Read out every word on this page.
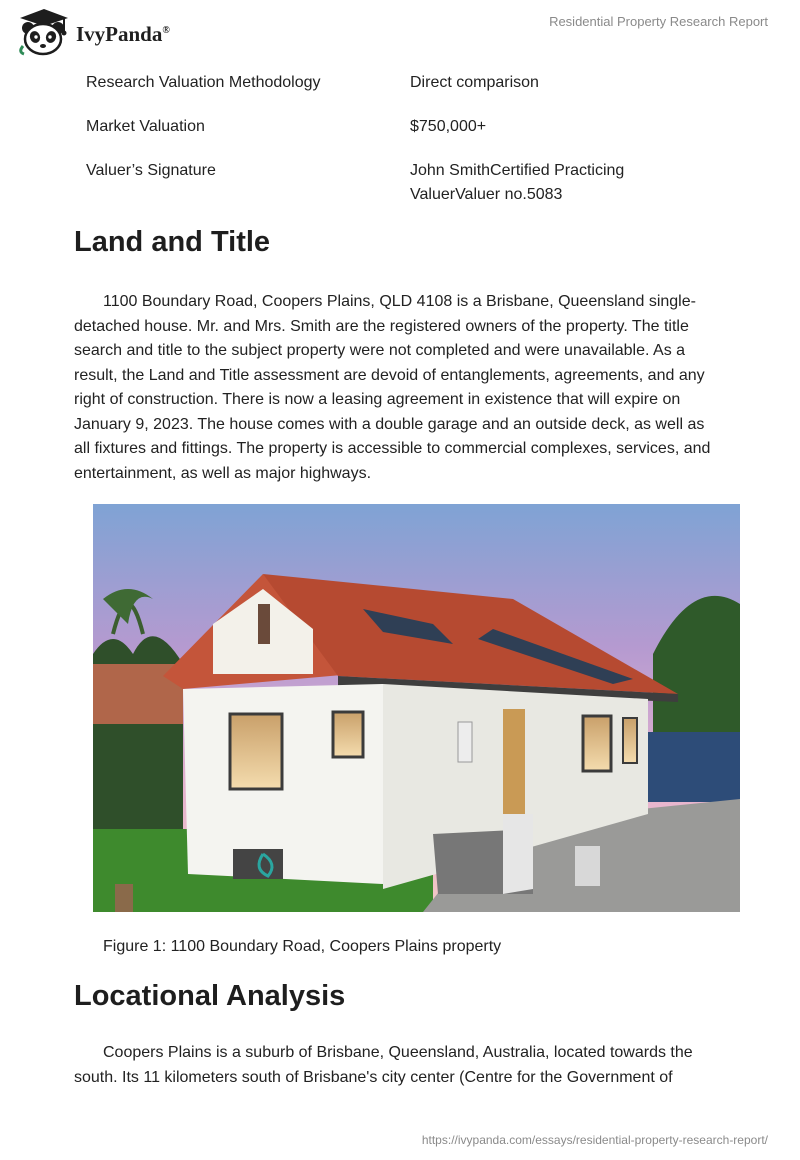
IvyPanda®
Residential Property Research Report
Research Valuation Methodology	Direct comparison
Market Valuation	$750,000+
Valuer’s Signature	John SmithCertified Practicing ValuerValuer no.5083
Land and Title

1100 Boundary Road, Coopers Plains, QLD 4108 is a Brisbane, Queensland single-detached house. Mr. and Mrs. Smith are the registered owners of the property. The title search and title to the subject property were not completed and were unavailable. As a result, the Land and Title assessment are devoid of entanglements, agreements, and any right of construction. There is now a leasing agreement in existence that will expire on January 9, 2023. The house comes with a double garage and an outside deck, as well as all fixtures and fittings. The property is accessible to commercial complexes, services, and entertainment, as well as major highways.

Figure 1: 1100 Boundary Road, Coopers Plains property
Locational Analysis

Coopers Plains is a suburb of Brisbane, Queensland, Australia, located towards the south. Its 11 kilometers south of Brisbane's city center (Centre for the Government of

https://ivypanda.com/essays/residential-property-research-report/
